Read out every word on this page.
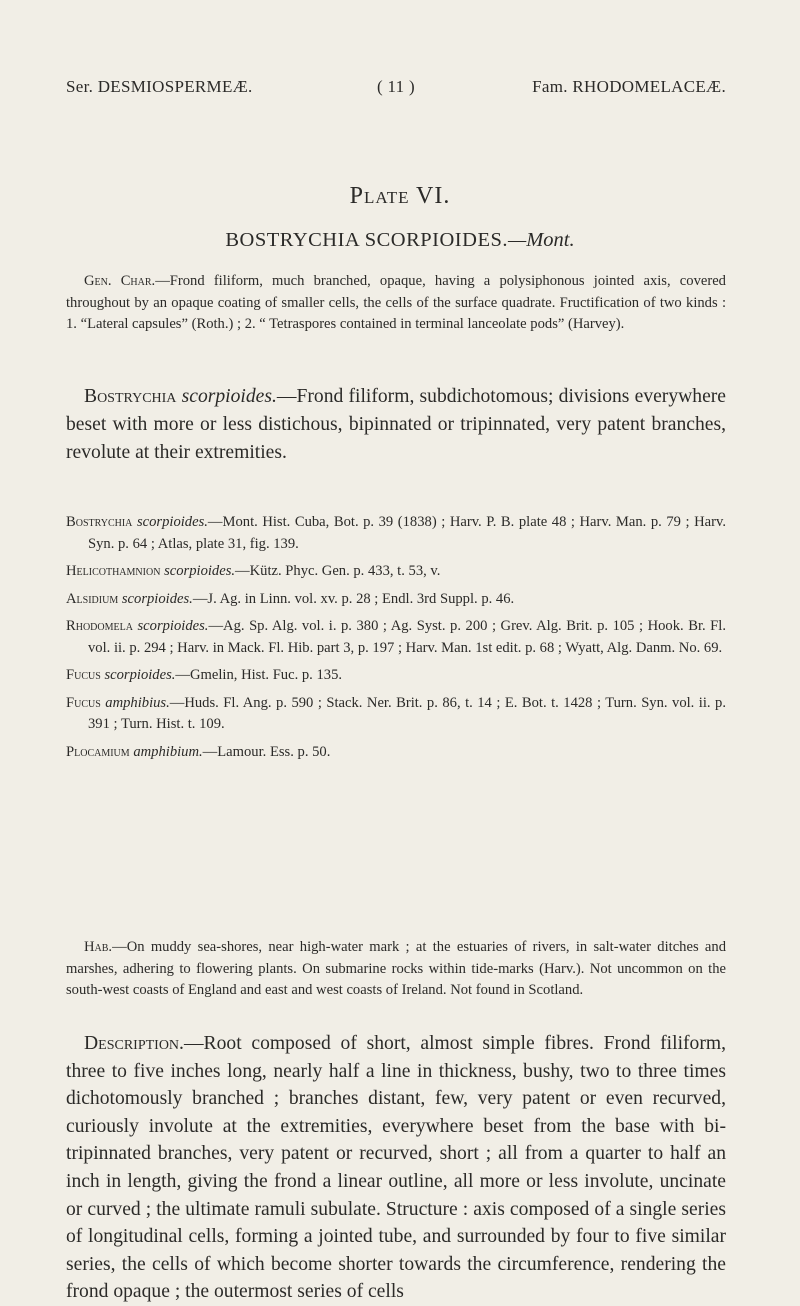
Ser. DESMIOSPERMEÆ.	( 11 )	Fam. RHODOMELACEÆ.
Plate VI.
BOSTRYCHIA SCORPIOIDES.—Mont.

Gen. Char.—Frond filiform, much branched, opaque, having a polysiphonous jointed axis, covered throughout by an opaque coating of smaller cells, the cells of the surface quadrate. Fructification of two kinds : 1. “Lateral capsules” (Roth.) ; 2. “ Tetraspores contained in terminal lanceolate pods” (Harvey).

Bostrychia scorpioides.—Frond filiform, subdichotomous; divisions everywhere beset with more or less distichous, bipinnated or tripinnated, very patent branches, revolute at their extremities.

Bostrychia scorpioides.—Mont. Hist. Cuba, Bot. p. 39 (1838) ; Harv. P. B. plate 48 ; Harv. Man. p. 79 ; Harv. Syn. p. 64 ; Atlas, plate 31, fig. 139.

Helicothamnion scorpioides.—Kütz. Phyc. Gen. p. 433, t. 53, v.

Alsidium scorpioides.—J. Ag. in Linn. vol. xv. p. 28 ; Endl. 3rd Suppl. p. 46.

Rhodomela scorpioides.—Ag. Sp. Alg. vol. i. p. 380 ; Ag. Syst. p. 200 ; Grev. Alg. Brit. p. 105 ; Hook. Br. Fl. vol. ii. p. 294 ; Harv. in Mack. Fl. Hib. part 3, p. 197 ; Harv. Man. 1st edit. p. 68 ; Wyatt, Alg. Danm. No. 69.

Fucus scorpioides.—Gmelin, Hist. Fuc. p. 135.

Fucus amphibius.—Huds. Fl. Ang. p. 590 ; Stack. Ner. Brit. p. 86, t. 14 ; E. Bot. t. 1428 ; Turn. Syn. vol. ii. p. 391 ; Turn. Hist. t. 109.

Plocamium amphibium.—Lamour. Ess. p. 50.

Hab.—On muddy sea-shores, near high-water mark ; at the estuaries of rivers, in salt-water ditches and marshes, adhering to flowering plants. On submarine rocks within tide-marks (Harv.). Not uncommon on the south-west coasts of England and east and west coasts of Ireland. Not found in Scotland.

Description.—Root composed of short, almost simple fibres. Frond filiform, three to five inches long, nearly half a line in thickness, bushy, two to three times dichotomously branched ; branches distant, few, very patent or even recurved, curiously involute at the extremities, everywhere beset from the base with bi-tripinnated branches, very patent or recurved, short ; all from a quarter to half an inch in length, giving the frond a linear outline, all more or less involute, uncinate or curved ; the ultimate ramuli subulate. Structure : axis composed of a single series of longitudinal cells, forming a jointed tube, and surrounded by four to five similar series, the cells of which become shorter towards the circumference, rendering the frond opaque ; the outermost series of cells
